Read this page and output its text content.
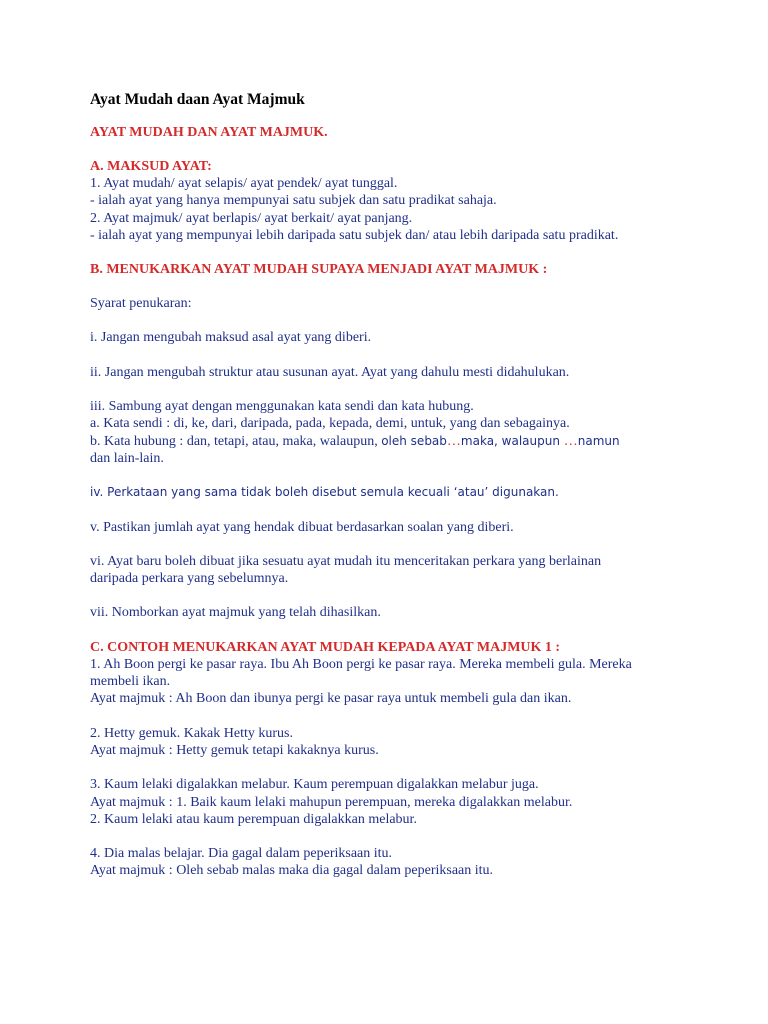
Ayat Mudah daan Ayat Majmuk
AYAT MUDAH DAN AYAT MAJMUK.
A. MAKSUD AYAT:
1. Ayat mudah/ ayat selapis/ ayat pendek/ ayat tunggal.
- ialah ayat yang hanya mempunyai satu subjek dan satu pradikat sahaja.
2. Ayat majmuk/ ayat berlapis/ ayat berkait/ ayat panjang.
- ialah ayat yang mempunyai lebih daripada satu subjek dan/ atau lebih daripada satu pradikat.
B. MENUKARKAN AYAT MUDAH SUPAYA MENJADI AYAT MAJMUK :
Syarat penukaran:
i. Jangan mengubah maksud asal ayat yang diberi.
ii. Jangan mengubah struktur atau susunan ayat. Ayat yang dahulu mesti didahulukan.
iii. Sambung ayat dengan menggunakan kata sendi dan kata hubung.
a. Kata sendi : di, ke, dari, daripada, pada, kepada, demi, untuk, yang dan sebagainya.
b. Kata hubung : dan, tetapi, atau, maka, walaupun, oleh sebab…maka, walaupun …namun
dan lain-lain.
iv. Perkataan yang sama tidak boleh disebut semula kecuali ‘atau’ digunakan.
v. Pastikan jumlah ayat yang hendak dibuat berdasarkan soalan yang diberi.
vi. Ayat baru boleh dibuat jika sesuatu ayat mudah itu menceritakan perkara yang berlainan
daripada perkara yang sebelumnya.
vii. Nomborkan ayat majmuk yang telah dihasilkan.
C. CONTOH MENUKARKAN AYAT MUDAH KEPADA AYAT MAJMUK 1 :
1. Ah Boon pergi ke pasar raya. Ibu Ah Boon pergi ke pasar raya. Mereka membeli gula. Mereka
membeli ikan.
Ayat majmuk : Ah Boon dan ibunya pergi ke pasar raya untuk membeli gula dan ikan.
2. Hetty gemuk. Kakak Hetty kurus.
Ayat majmuk : Hetty gemuk tetapi kakaknya kurus.
3. Kaum lelaki digalakkan melabur. Kaum perempuan digalakkan melabur juga.
Ayat majmuk : 1. Baik kaum lelaki mahupun perempuan, mereka digalakkan melabur.
2. Kaum lelaki atau kaum perempuan digalakkan melabur.
4. Dia malas belajar. Dia gagal dalam peperiksaan itu.
Ayat majmuk : Oleh sebab malas maka dia gagal dalam peperiksaan itu.
